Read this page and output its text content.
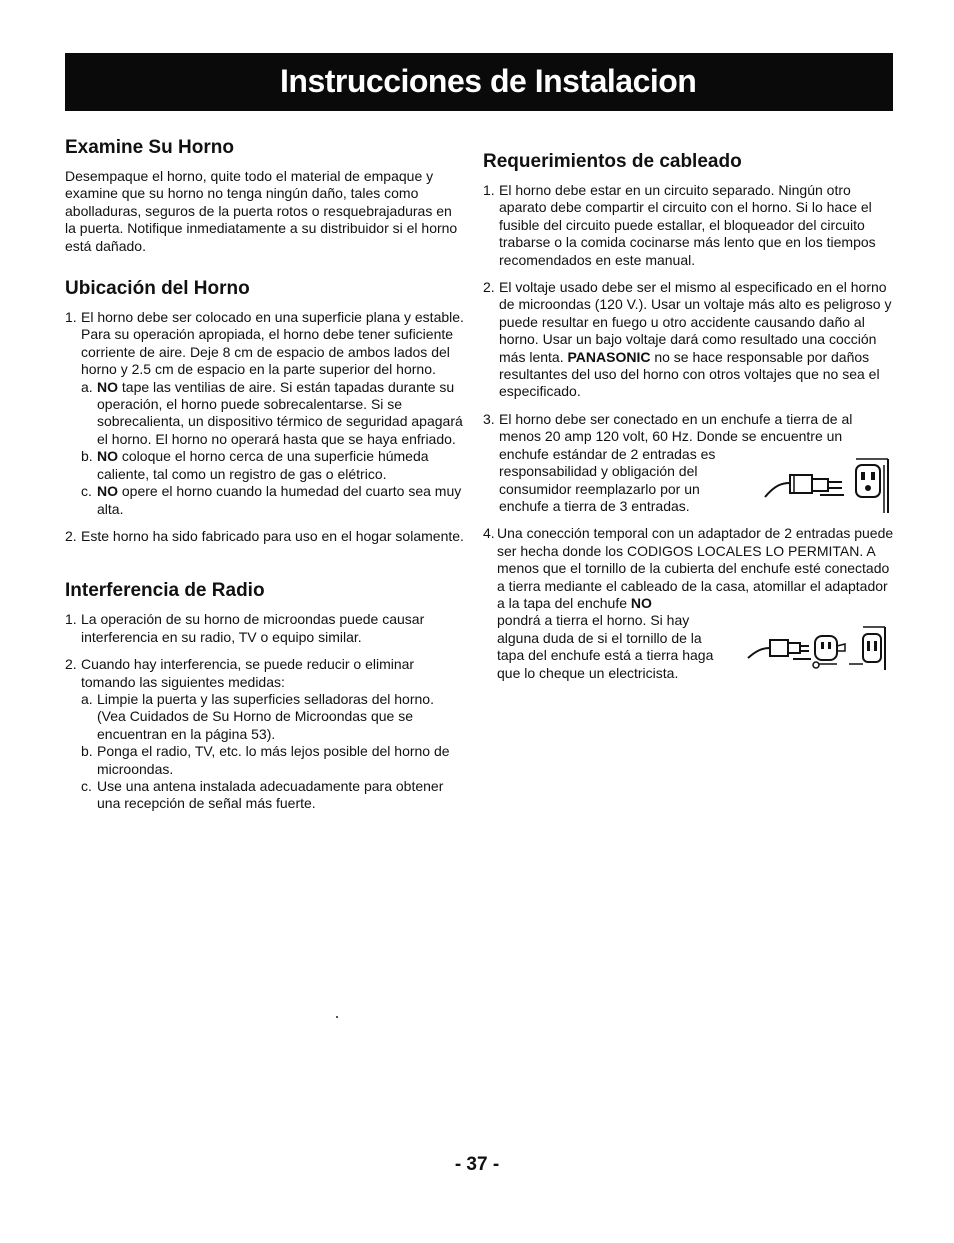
Instrucciones de Instalacion
Examine Su Horno

Desempaque el horno, quite todo el material de empaque y examine que su horno no tenga ningún daño, tales como abolladuras, seguros de la puerta rotos o resquebrajaduras en la puerta. Notifique inmediatamente a su distribuidor si el horno está dañado.

Ubicación del Horno
1. El horno debe ser colocado en una superficie plana y estable. Para su operación apropiada, el horno debe tener suficiente corriente de aire. Deje 8 cm de espacio de ambos lados del horno y 2.5 cm de espacio en la parte superior del horno.
a. NO tape las ventilias de aire. Si están tapadas durante su operación, el horno puede sobrecalentarse. Si se sobrecalienta, un dispositivo térmico de seguridad apagará el horno. El horno no operará hasta que se haya enfriado.
b. NO coloque el horno cerca de una superficie húmeda caliente, tal como un registro de gas o elétrico.
c. NO opere el horno cuando la humedad del cuarto sea muy alta.
2. Este horno ha sido fabricado para uso en el hogar solamente.
Interferencia de Radio
1. La operación de su horno de microondas puede causar interferencia en su radio, TV o equipo similar.
2. Cuando hay interferencia, se puede reducir o eliminar tomando las siguientes medidas:
a. Limpie la puerta y las superficies selladoras del horno. (Vea Cuidados de Su Horno de Microondas que se encuentran en la página 53).
b. Ponga el radio, TV, etc. lo más lejos posible del horno de microondas.
c. Use una antena instalada adecuadamente para obtener una recepción de señal más fuerte.
Requerimientos de cableado
1. El horno debe estar en un circuito separado. Ningún otro aparato debe compartir el circuito con el horno. Si lo hace el fusible del circuito puede estallar, el bloqueador del circuito trabarse o la comida cocinarse más lento que en los tiempos recomendados en este manual.
2. El voltaje usado debe ser el mismo al especificado en el horno de microondas (120 V.). Usar un voltaje más alto es peligroso y puede resultar en fuego u otro accidente causando daño al horno. Usar un bajo voltaje dará como resultado una cocción más lenta. PANASONIC no se hace responsable por daños resultantes del uso del horno con otros voltajes que no sea el especificado.
3. El horno debe ser conectado en un enchufe a tierra de al menos 20 amp 120 volt, 60 Hz. Donde se encuentre un
enchufe estándar de 2 entradas es responsabilidad y obligación del consumidor reemplazarlo por un enchufe a tierra de 3 entradas.
4. Una conección temporal con un adaptador de 2 entradas puede ser hecha donde los CODIGOS LOCALES LO PERMITAN. A menos que el tornillo de la cubierta del enchufe esté conectado a tierra mediante el cableado de la casa, atomillar el adaptador a la tapa del enchufe NO
pondrá a tierra el horno. Si hay alguna duda de si el tornillo de la tapa del enchufe está a tierra haga que lo cheque un electricista.
- 37 -
